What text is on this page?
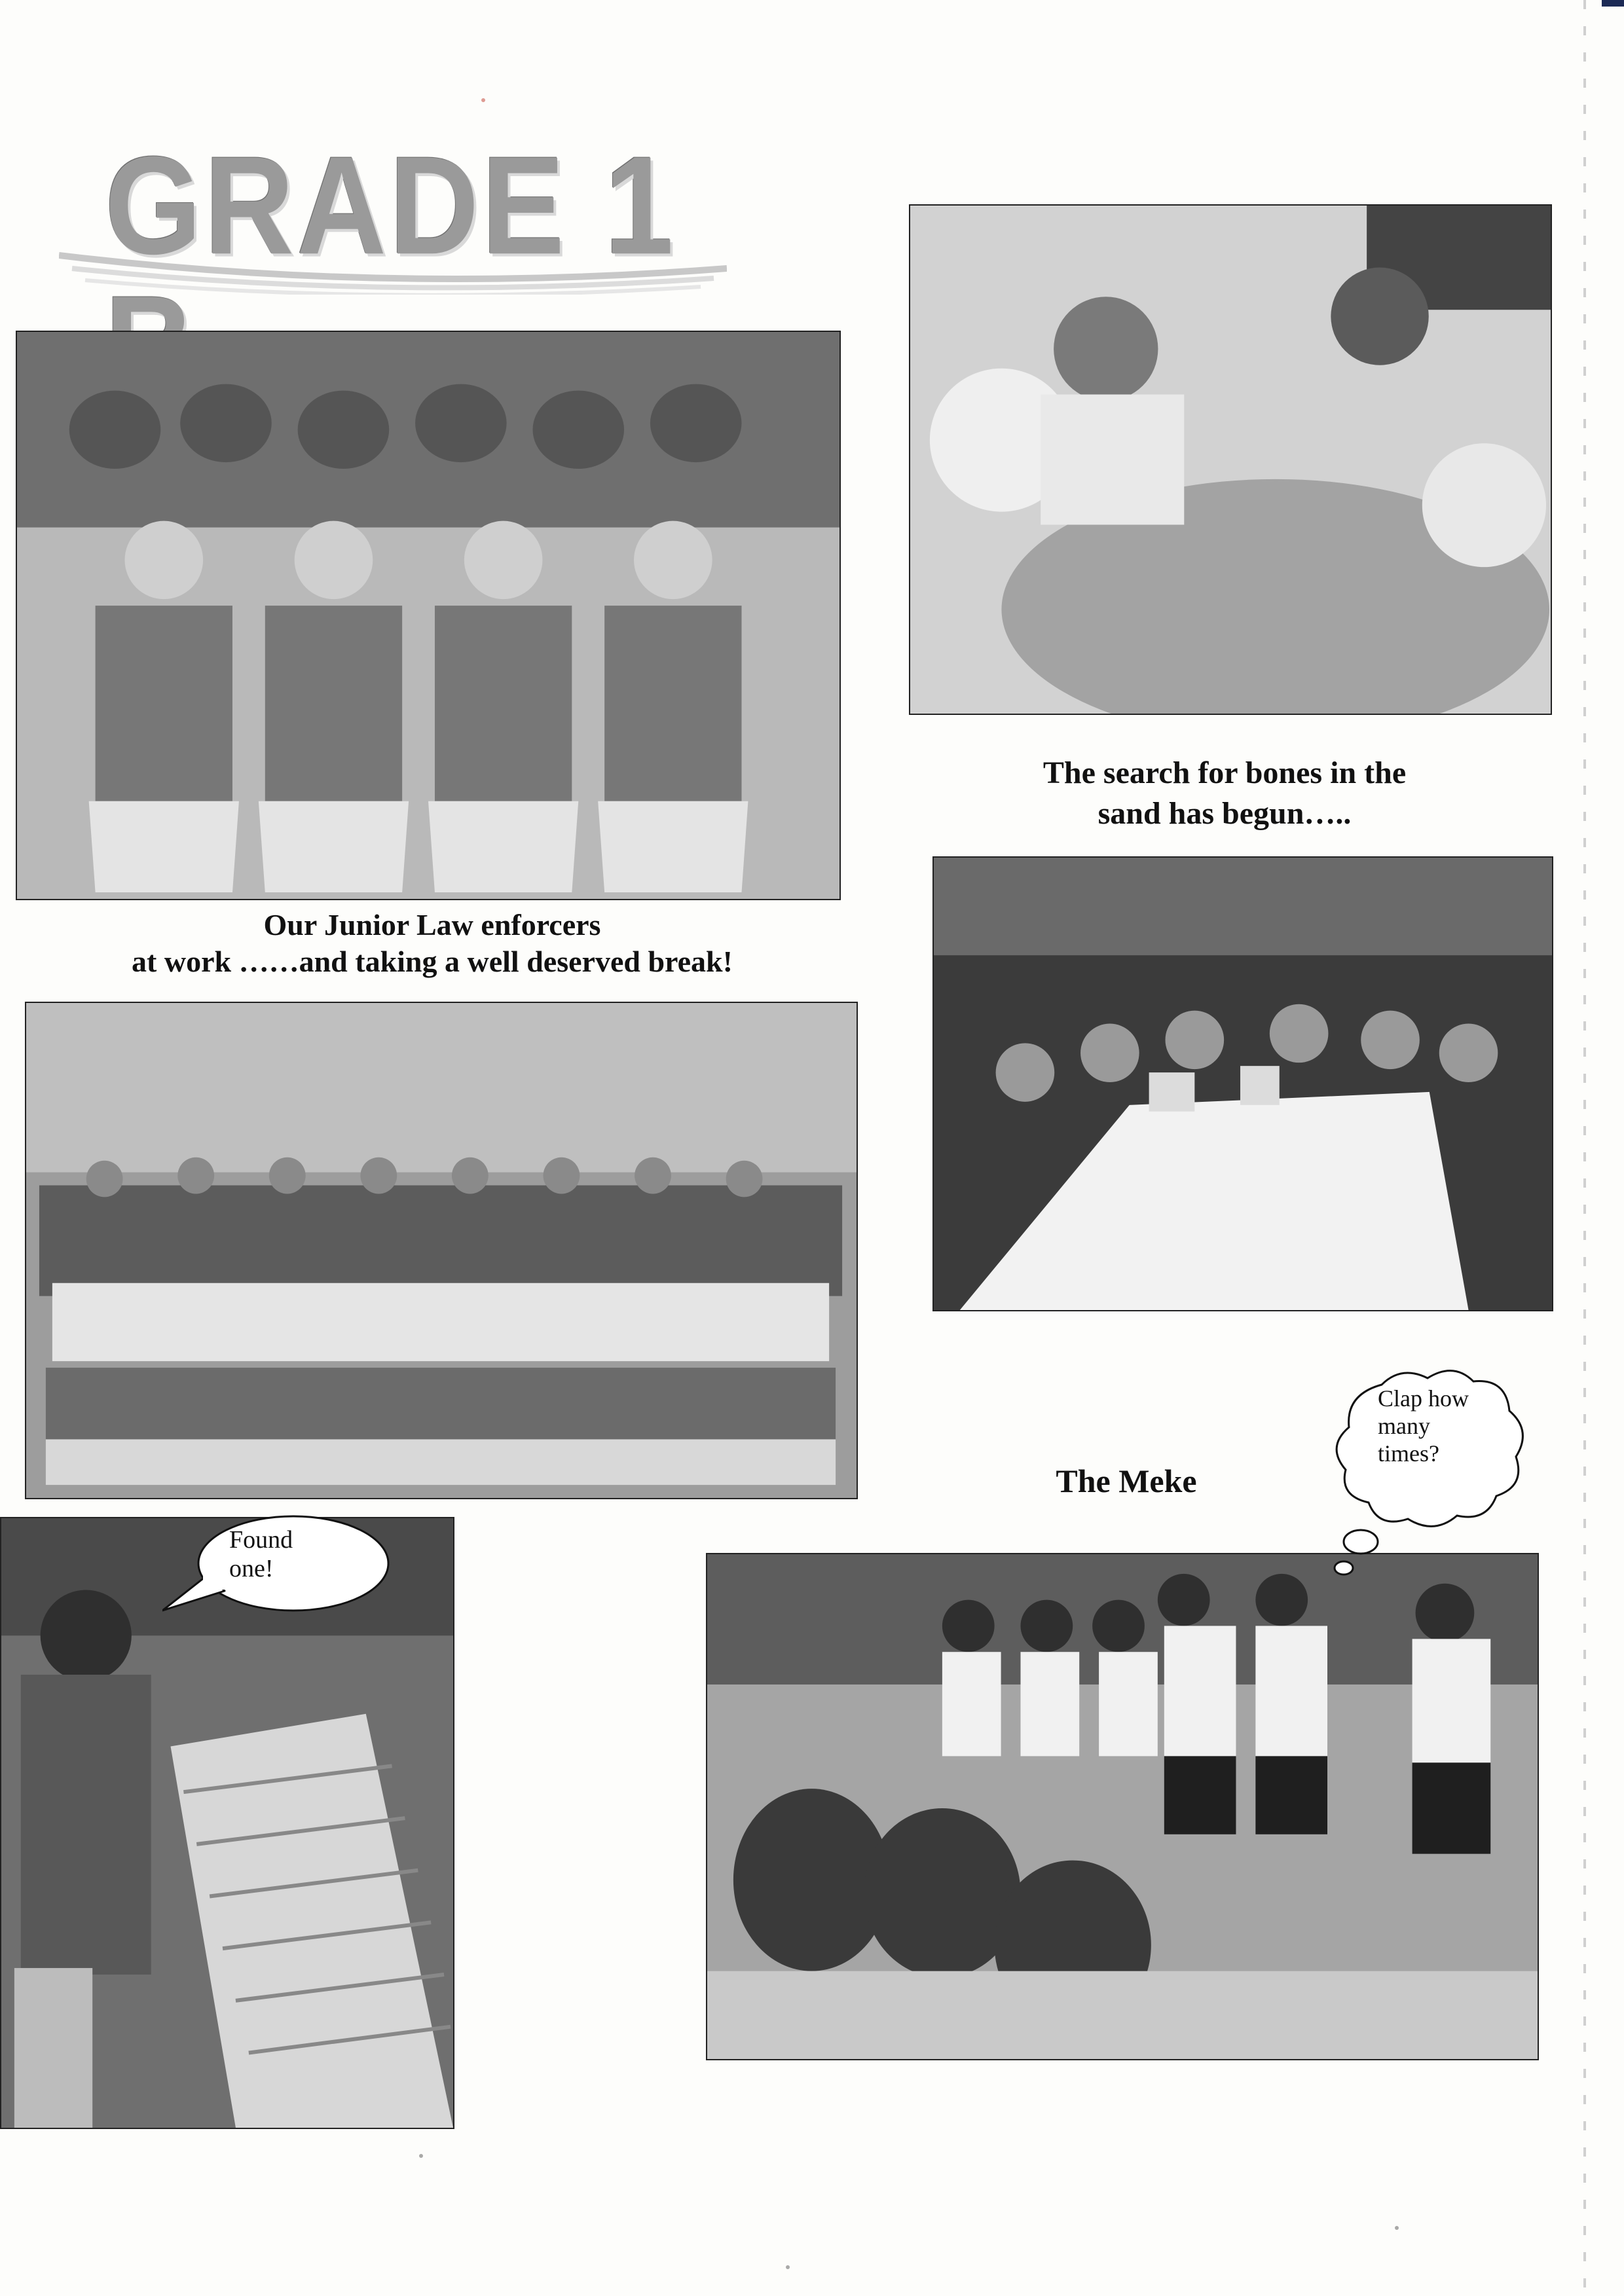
GRADE 1
Our Junior Law enforcers
at work ……and taking a well deserved break!
The search for bones in the
sand has begun…..
The Meke
Found
one!
Clap how
many
times?
